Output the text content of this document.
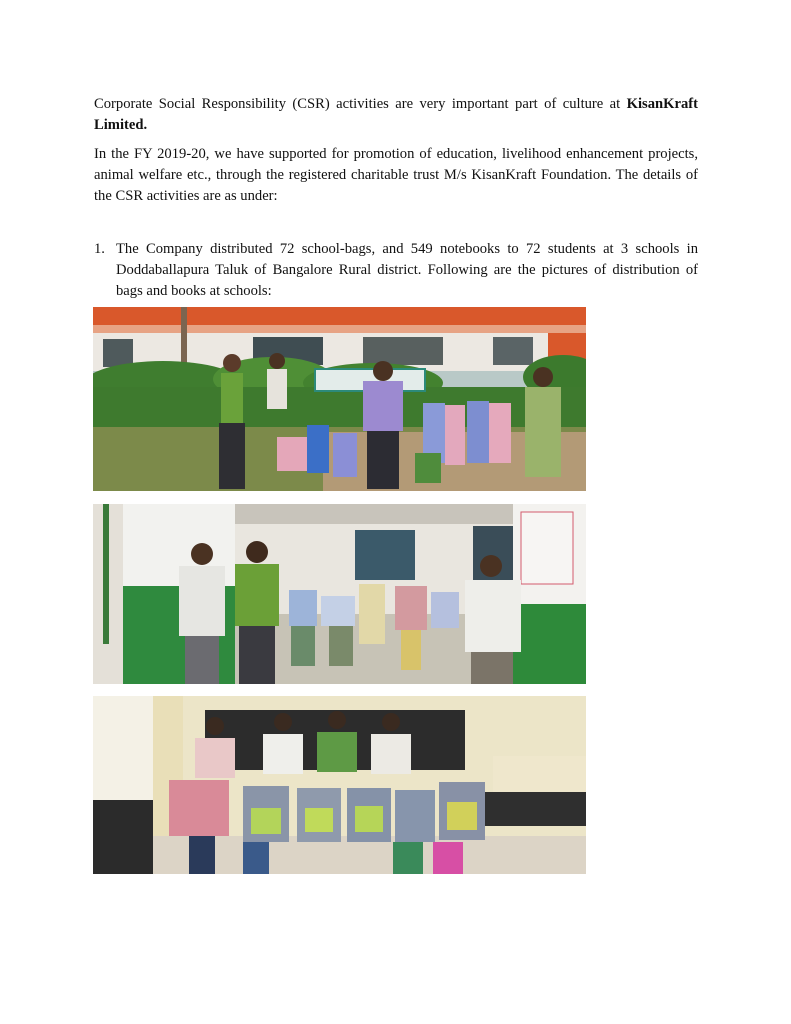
Corporate Social Responsibility (CSR) activities are very important part of culture at KisanKraft Limited.

In the FY 2019-20, we have supported for promotion of education, livelihood enhancement projects, animal welfare etc., through the registered charitable trust M/s KisanKraft Foundation. The details of the CSR activities are as under:

1. The Company distributed 72 school-bags, and 549 notebooks to 72 students at 3 schools in Doddaballapura Taluk of Bangalore Rural district. Following are the pictures of distribution of bags and books at schools:
